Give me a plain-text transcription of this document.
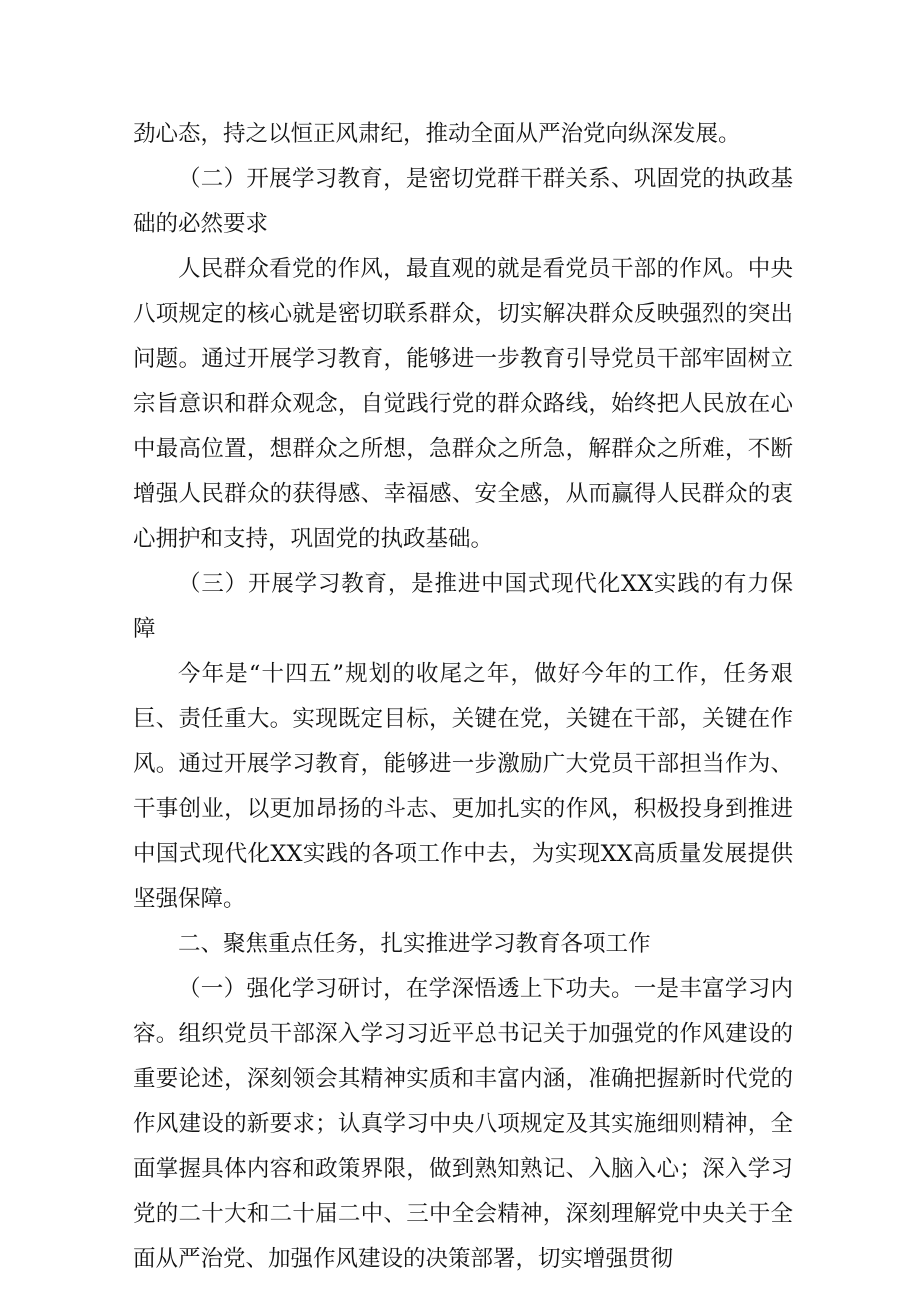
劲心态，持之以恒正风肃纪，推动全面从严治党向纵深发展。

（二）开展学习教育，是密切党群干群关系、巩固党的执政基础的必然要求

人民群众看党的作风，最直观的就是看党员干部的作风。中央八项规定的核心就是密切联系群众，切实解决群众反映强烈的突出问题。通过开展学习教育，能够进一步教育引导党员干部牢固树立宗旨意识和群众观念，自觉践行党的群众路线，始终把人民放在心中最高位置，想群众之所想，急群众之所急，解群众之所难，不断增强人民群众的获得感、幸福感、安全感，从而赢得人民群众的衷心拥护和支持，巩固党的执政基础。

（三）开展学习教育，是推进中国式现代化XX实践的有力保障

今年是“十四五”规划的收尾之年，做好今年的工作，任务艰巨、责任重大。实现既定目标，关键在党，关键在干部，关键在作风。通过开展学习教育，能够进一步激励广大党员干部担当作为、干事创业，以更加昂扬的斗志、更加扎实的作风，积极投身到推进中国式现代化XX实践的各项工作中去，为实现XX高质量发展提供坚强保障。

二、聚焦重点任务，扎实推进学习教育各项工作

（一）强化学习研讨，在学深悟透上下功夫。一是丰富学习内容。组织党员干部深入学习习近平总书记关于加强党的作风建设的重要论述，深刻领会其精神实质和丰富内涵，准确把握新时代党的作风建设的新要求；认真学习中央八项规定及其实施细则精神，全面掌握具体内容和政策界限，做到熟知熟记、入脑入心；深入学习党的二十大和二十届二中、三中全会精神，深刻理解党中央关于全面从严治党、加强作风建设的决策部署，切实增强贯彻
